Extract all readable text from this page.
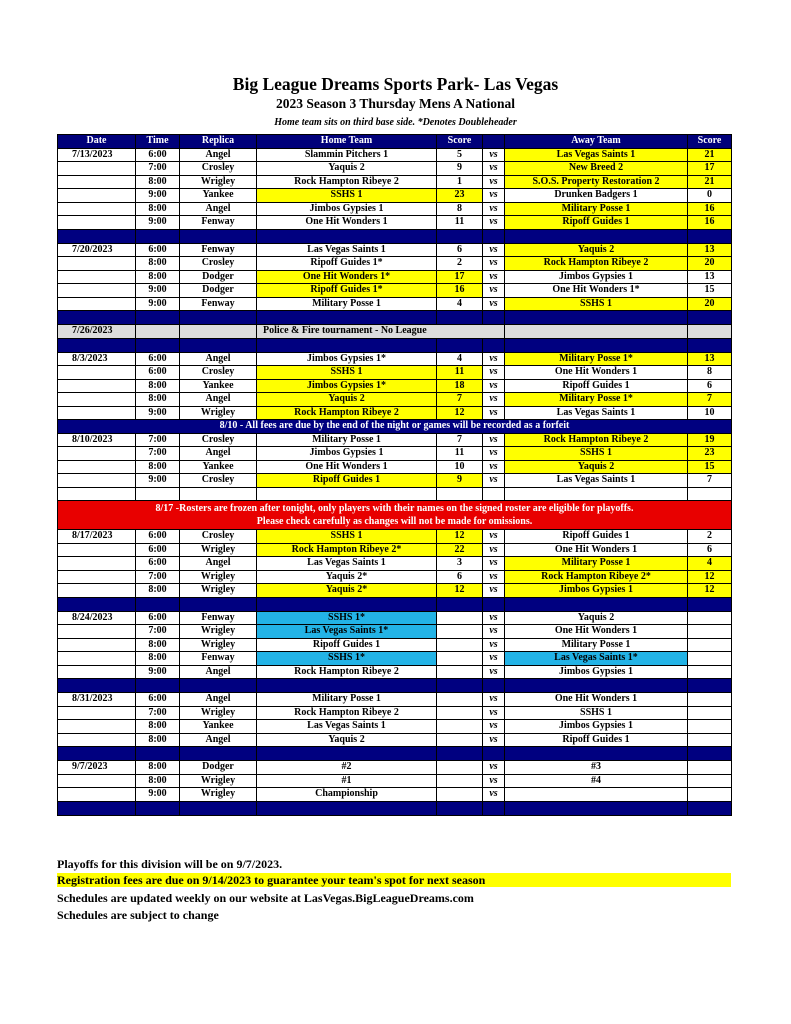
Big League Dreams Sports Park- Las Vegas
2023 Season 3 Thursday Mens A National
Home team sits on third base side. *Denotes Doubleheader
Date	Time	Replica	Home Team	Score		Away Team	Score
7/13/2023	6:00	Angel	Slammin Pitchers 1	5	vs	Las Vegas Saints 1	21
	7:00	Crosley	Yaquis 2	9	vs	New Breed 2	17
	8:00	Wrigley	Rock Hampton Ribeye 2	1	vs	S.O.S. Property Restoration 2	21
	9:00	Yankee	SSHS 1	23	vs	Drunken Badgers 1	0
	8:00	Angel	Jimbos Gypsies 1	8	vs	Military Posse 1	16
	9:00	Fenway	One Hit Wonders 1	11	vs	Ripoff Guides 1	16

7/20/2023	6:00	Fenway	Las Vegas Saints 1	6	vs	Yaquis 2	13
	8:00	Crosley	Ripoff Guides 1*	2	vs	Rock Hampton Ribeye 2	20
	8:00	Dodger	One Hit Wonders 1*	17	vs	Jimbos Gypsies 1	13
	9:00	Dodger	Ripoff Guides 1*	16	vs	One Hit Wonders 1*	15
	9:00	Fenway	Military Posse 1	4	vs	SSHS 1	20

7/26/2023			Police & Fire tournament - No League				

8/3/2023	6:00	Angel	Jimbos Gypsies 1*	4	vs	Military Posse 1*	13
	6:00	Crosley	SSHS 1	11	vs	One Hit Wonders 1	8
	8:00	Yankee	Jimbos Gypsies 1*	18	vs	Ripoff Guides 1	6
	8:00	Angel	Yaquis 2	7	vs	Military Posse 1*	7
	9:00	Wrigley	Rock Hampton Ribeye 2	12	vs	Las Vegas Saints 1	10
8/10 - All fees are due by the end of the night or games will be recorded as a forfeit							
8/10/2023	7:00	Crosley	Military Posse 1	7	vs	Rock Hampton Ribeye 2	19
	7:00	Angel	Jimbos Gypsies 1	11	vs	SSHS 1	23
	8:00	Yankee	One Hit Wonders 1	10	vs	Yaquis 2	15
	9:00	Crosley	Ripoff Guides 1	9	vs	Las Vegas Saints 1	7

8/17 -Rosters are frozen after tonight, only players with their names on the signed roster are eligible for playoffs.
Please check carefully as changes will not be made for omissions.							

8/17/2023	6:00	Crosley	SSHS 1	12	vs	Ripoff Guides 1	2
	6:00	Wrigley	Rock Hampton Ribeye 2*	22	vs	One Hit Wonders 1	6
	6:00	Angel	Las Vegas Saints 1	3	vs	Military Posse 1	4
	7:00	Wrigley	Yaquis 2*	6	vs	Rock Hampton Ribeye 2*	12
	8:00	Wrigley	Yaquis 2*	12	vs	Jimbos Gypsies 1	12

8/24/2023	6:00	Fenway	SSHS 1*		vs	Yaquis 2	
	7:00	Wrigley	Las Vegas Saints 1*		vs	One Hit Wonders 1	
	8:00	Wrigley	Ripoff Guides 1		vs	Military Posse 1	
	8:00	Fenway	SSHS 1*		vs	Las Vegas Saints 1*	
	9:00	Angel	Rock Hampton Ribeye 2		vs	Jimbos Gypsies 1	

8/31/2023	6:00	Angel	Military Posse 1		vs	One Hit Wonders 1	
	7:00	Wrigley	Rock Hampton Ribeye 2		vs	SSHS 1	
	8:00	Yankee	Las Vegas Saints 1		vs	Jimbos Gypsies 1	
	8:00	Angel	Yaquis 2		vs	Ripoff Guides 1	

9/7/2023	8:00	Dodger	#2		vs	#3	
	8:00	Wrigley	#1		vs	#4	
	9:00	Wrigley	Championship		vs		

Playoffs for this division will be on 9/7/2023.
Registration fees are due on 9/14/2023 to guarantee your team's spot for next season
Schedules are updated weekly on our website at LasVegas.BigLeagueDreams.com
Schedules are subject to change
